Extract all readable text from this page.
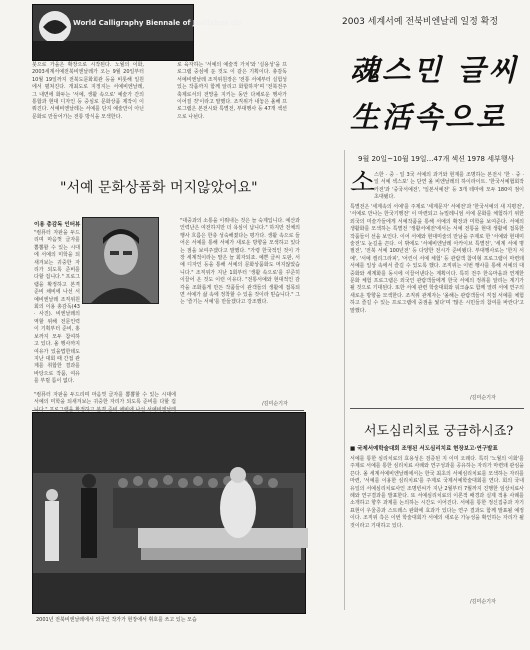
World Calligraphy Biennale of Jeollabuk-do	2003 세계서예 전북비엔날레 일정 확정
붓으로 가을은 확장으로 시작된다. 노월의 이화, 2003세계서예전북비엔날레가 오는 9월 20일부터 10월 19일까지 전북도문화회관 등을 비롯해 일원에서 펼쳐진다. 개최도로 지정지는 서예비엔날레, 그 내면에 화두는 '서예, 생활 속으로' 예술가 간의 통합과 현대 디자인 등 중심로 문화상품 제작이 이뤄진다. 서예비엔날레는 서예를 단지 예술만이 아닌 문화로 만들어가는 전통 방식을 모색한다.
로 육자하는 '서예의 예술적 가치'와 '실용성'을 프로그램 중심에 둔 것도 이 같은 기획이다. 총감독 서예비엔날레 조직위원장은 '전통 서예부터 실험성 있는 작품까지 함께 알리고 화합하자'며 '전북전주 축제로서의 전망을 지키는 동안 다채로운 행사가 이어질 것'이라고 말했다. 조직위가 내놓은 올해 프로그램은 본전시와 특별전, 부대행사 등 47개 섹션으로 나뉜다.
魂스민 글씨
生活속으로
9월 20일~10월 19일…47개 섹션 1978 세부행사
소
스한 · 중 · 일 3국 서예의 과거와 현재를 조명하는 본전시 '한 · 중 · 일 서예 섹스포' 는 단연 올 비엔날레의 하이라이트. '한국서예협회작가전'과 '중국서예전', '일본서예전' 등 3개 테마에 모두 180여 점이 초대됐다.
특별전은 '세계속의 서예'를 주제로 '세계문자' 서예전'과 '한국서예의 새 지평전', '서예로 만나는 한국기행전' 이 마련되고 뉴밀레니엄 서예 문화를 체험하기 위한 외국의 미술가들에게 서예작품을 통해 서예의 확장과 미학을 보여준다. 서예의 생활화를 모색하는 특별전 '생활서예전'에서는 서예 전통을 현대 생활에 접목한 작품들이 선을 보인다. 이어 서예와 현대미술의 만남을 주제로 한 '서예와 현대미술전'도 눈길을 끈다. 이 밖에도 '서예비엔날레 아카이브 특별전', '세계 서예 명필전', '전북 서예 100년전' 등 다양한 전시가 준비됐다. 부대행사로는 '한지 서예', '서예 캘리그라피', '어린이 서예 체험' 등 관람객 참여형 프로그램이 마련돼 서예를 일상 속에서 즐길 수 있도록 했다. 조직위는 이번 행사를 통해 서예의 대중화와 세계화를 동시에 이끌어낸다는 계획이다. 특히 전주 한옥마을과 연계한 문화 체험 프로그램은 외국인 관람객들에게 한국 서예의 정취를 알리는 계기가 될 것으로 기대된다. 또한 서예 관련 학술대회와 워크숍도 함께 열려 서예 연구의 새로운 방향을 모색한다. 조직위 관계자는 '올해는 관람객들이 직접 서예를 체험하고 즐길 수 있는 프로그램에 중점을 뒀다'며 '많은 시민들의 참여를 바란다'고 말했다.
/김미순기자
"서예 문화상품화 머지않았어요"
이용 총감독 인터뷰
"컴퓨터 자판을 두드리며 마음껏 글자를 뽐뽑할 수 있는 시대에 서예의 미학을 되새겨보는 귀중한 자리가 되도록 준비를 다할 겁니다." 프로그램을 확정하고 본격 준비 채비에 나선 서예비엔날레 조직위원회의 이용 총감독(43 · 사진). 비엔날레의 역할 위해 전문인력이 기획부터 준비, 홍보까지 모두 참여하고 있다. 올 행사까지 여유가 있을법한데도 지난 대회 때 간접 관계를 취합한 결과를 바탕으로 작품, 여유를 부릴 틈이 없다.
"컴퓨터 자판을 두드리며 마음껏 글자를 뽐뽑할 수 있는 시대에 서예의 미학을 되새겨보는 귀중한 자리가 되도록 준비를 다할 겁
"대중과의 소통을 이뤄내는 것은 늘 숙제입니다. 예산과 인력난은 여전하지만 더 욕심이 납니다." 하지만 전체의 행사 흐름은 한층 성숙해졌다는 평가다. 생활 속으로 들어온 서예를 통해 서예가 새로운 방향을 모색하고 있다는 점을 보여주겠다고 말했다. "가령 한국적인 것이 가장 세계적이라는 말은 늘 회자되죠. 예쁜 글씨 도판, 서예 디자인 등을 통해 서예의 문화상품화도 머지않았습니다." 조직위가 지난 1회부터 '생활 속으로'를 꾸준히 이끌어 온 것도 이런 이유다. "전통서예와 현대적인 감각을 조화롭게 만든 작품들이 관객들의 생활에 접목되면 서예가 삶 속에 정착할 수 있을 것이라 믿습니다." 그는 '즐기는 서예'를 만들겠다고 강조했다.
/김미순기자
서도심리치료 궁금하시죠?
■ 국제서예학술대회 조명된 서도심리치료 현장보고·연구발표
서예를 통한 심리치료의 효용성은 검증된 지 이미 오래다. 특히 '노월의 이화'를 주제로 서예를 통한 심리치료 사례와 연구성과를 공유하는 자리가 마련돼 관심을 끈다. 올 세계서예비엔날레에서는 한국 최초의 서예심리치료를 모색하는 자리를 마련, '서예를 이용한 심리치료'를 주제로 국제서예학술대회를 연다. 회의 국내 유일의 서예심리치료사인 조명빈씨가 지난 2월부터 7월까지 진행한 임상치료사례와 연구결과를 발표한다. 또 서예심리치료의 이론적 배경과 실제 적용 사례를 소개하고 향후 과제를 논의하는 시간도 이어진다. 서예를 통한 정신집중과 자기표현이 우울증과 스트레스 완화에 효과가 있다는 연구 결과도 함께 발표될 예정이다. 조직위 측은 이번 학술대회가 서예의 새로운 가능성을 확인하는 자리가 될 것이라고 기대하고 있다.
/김미순기자
2001년 전북비엔날레에서 외국인 작가가 현장에서 휘호를 쓰고 있는 모습
